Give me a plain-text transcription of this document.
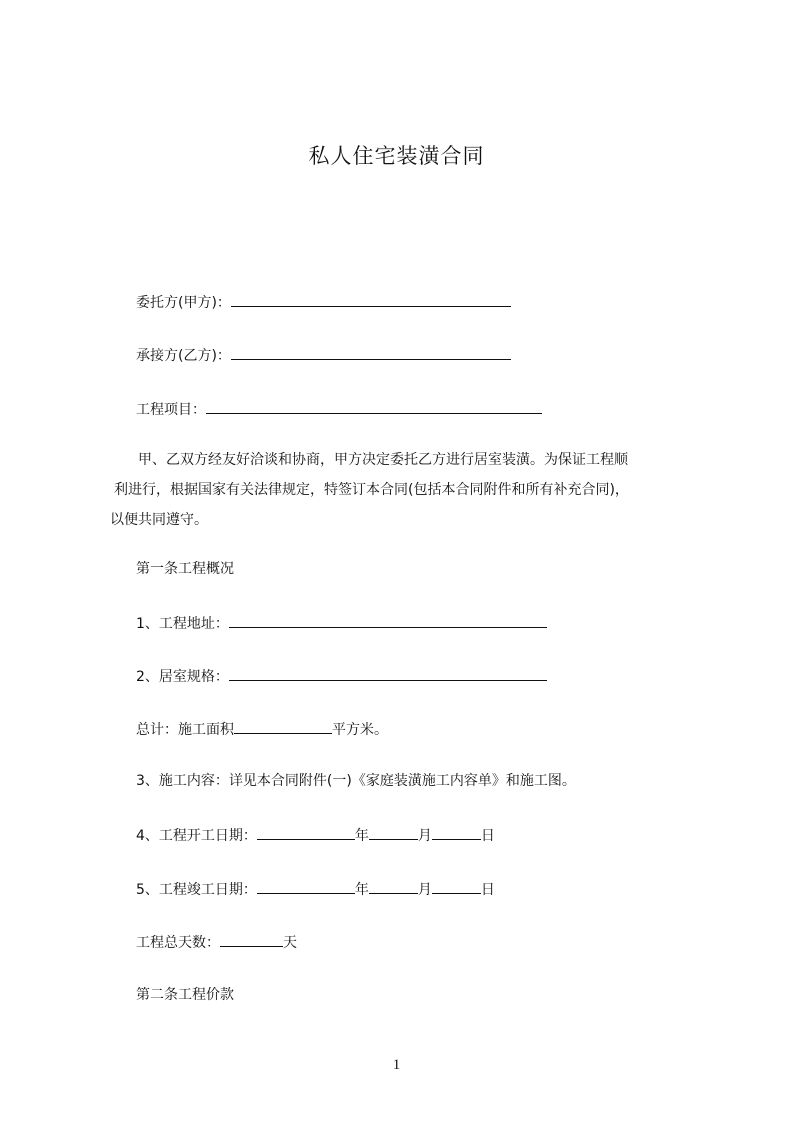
私人住宅装潢合同
委托方(甲方)：
承接方(乙方)：
工程项目：
甲、乙双方经友好洽谈和协商，甲方决定委托乙方进行居室装潢。为保证工程顺
利进行，根据国家有关法律规定，特签订本合同(包括本合同附件和所有补充合同)，
以便共同遵守。
第一条工程概况
1、工程地址：
2、居室规格：
总计：施工面积	平方米。
3、施工内容：详见本合同附件(一)《家庭装潢施工内容单》和施工图。
4、工程开工日期：	年	月	日
5、工程竣工日期：	年	月	日
工程总天数：	天
第二条工程价款
1
